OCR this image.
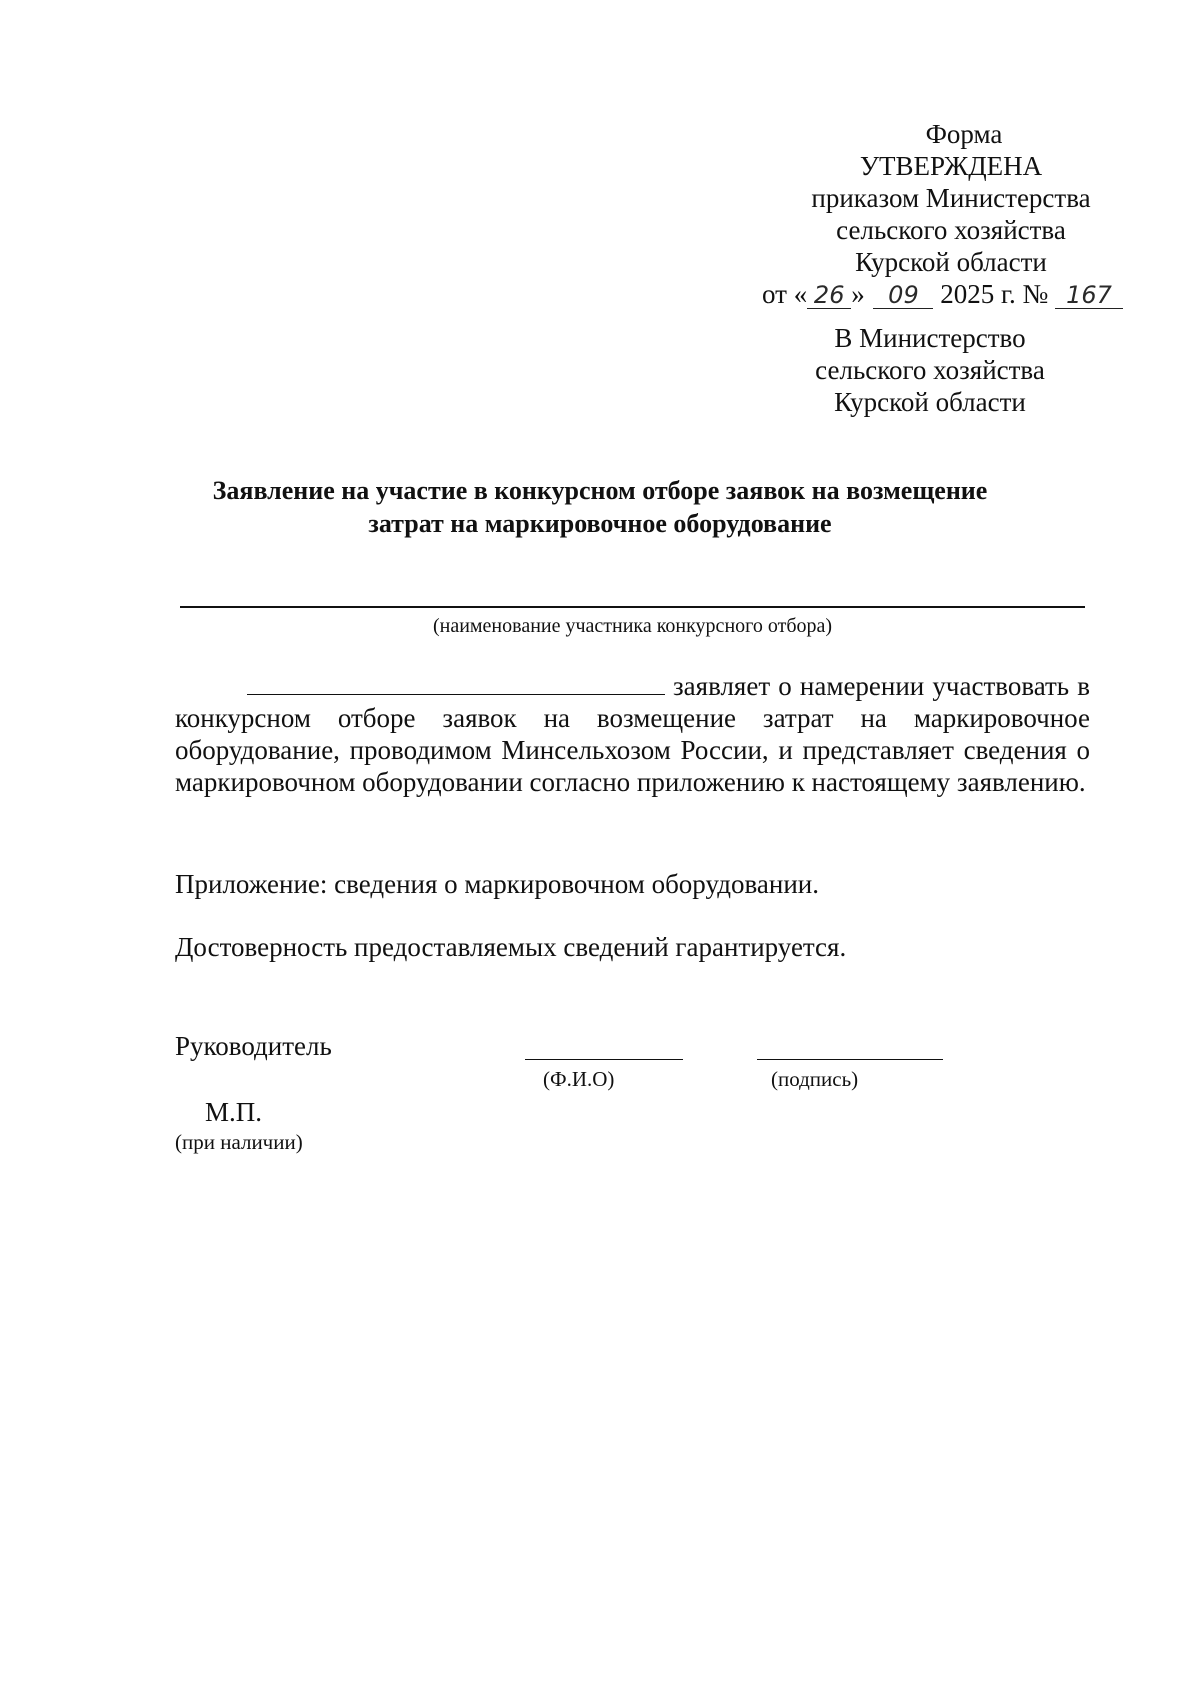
Форма
УТВЕРЖДЕНА
приказом Министерства
сельского хозяйства
Курской области
от « 26 » 09 2025 г. № 167
В Министерство
сельского хозяйства
Курской области
Заявление на участие в конкурсном отборе заявок на возмещение
затрат на маркировочное оборудование
(наименование участника конкурсного отбора)
заявляет о намерении участвовать в конкурсном отборе заявок на возмещение затрат на маркировочное оборудование, проводимом Минсельхозом России, и представляет сведения о маркировочном оборудовании согласно приложению к настоящему заявлению.
Приложение: сведения о маркировочном оборудовании.
Достоверность предоставляемых сведений гарантируется.
Руководитель
(Ф.И.О)	(подпись)
М.П.
(при наличии)
